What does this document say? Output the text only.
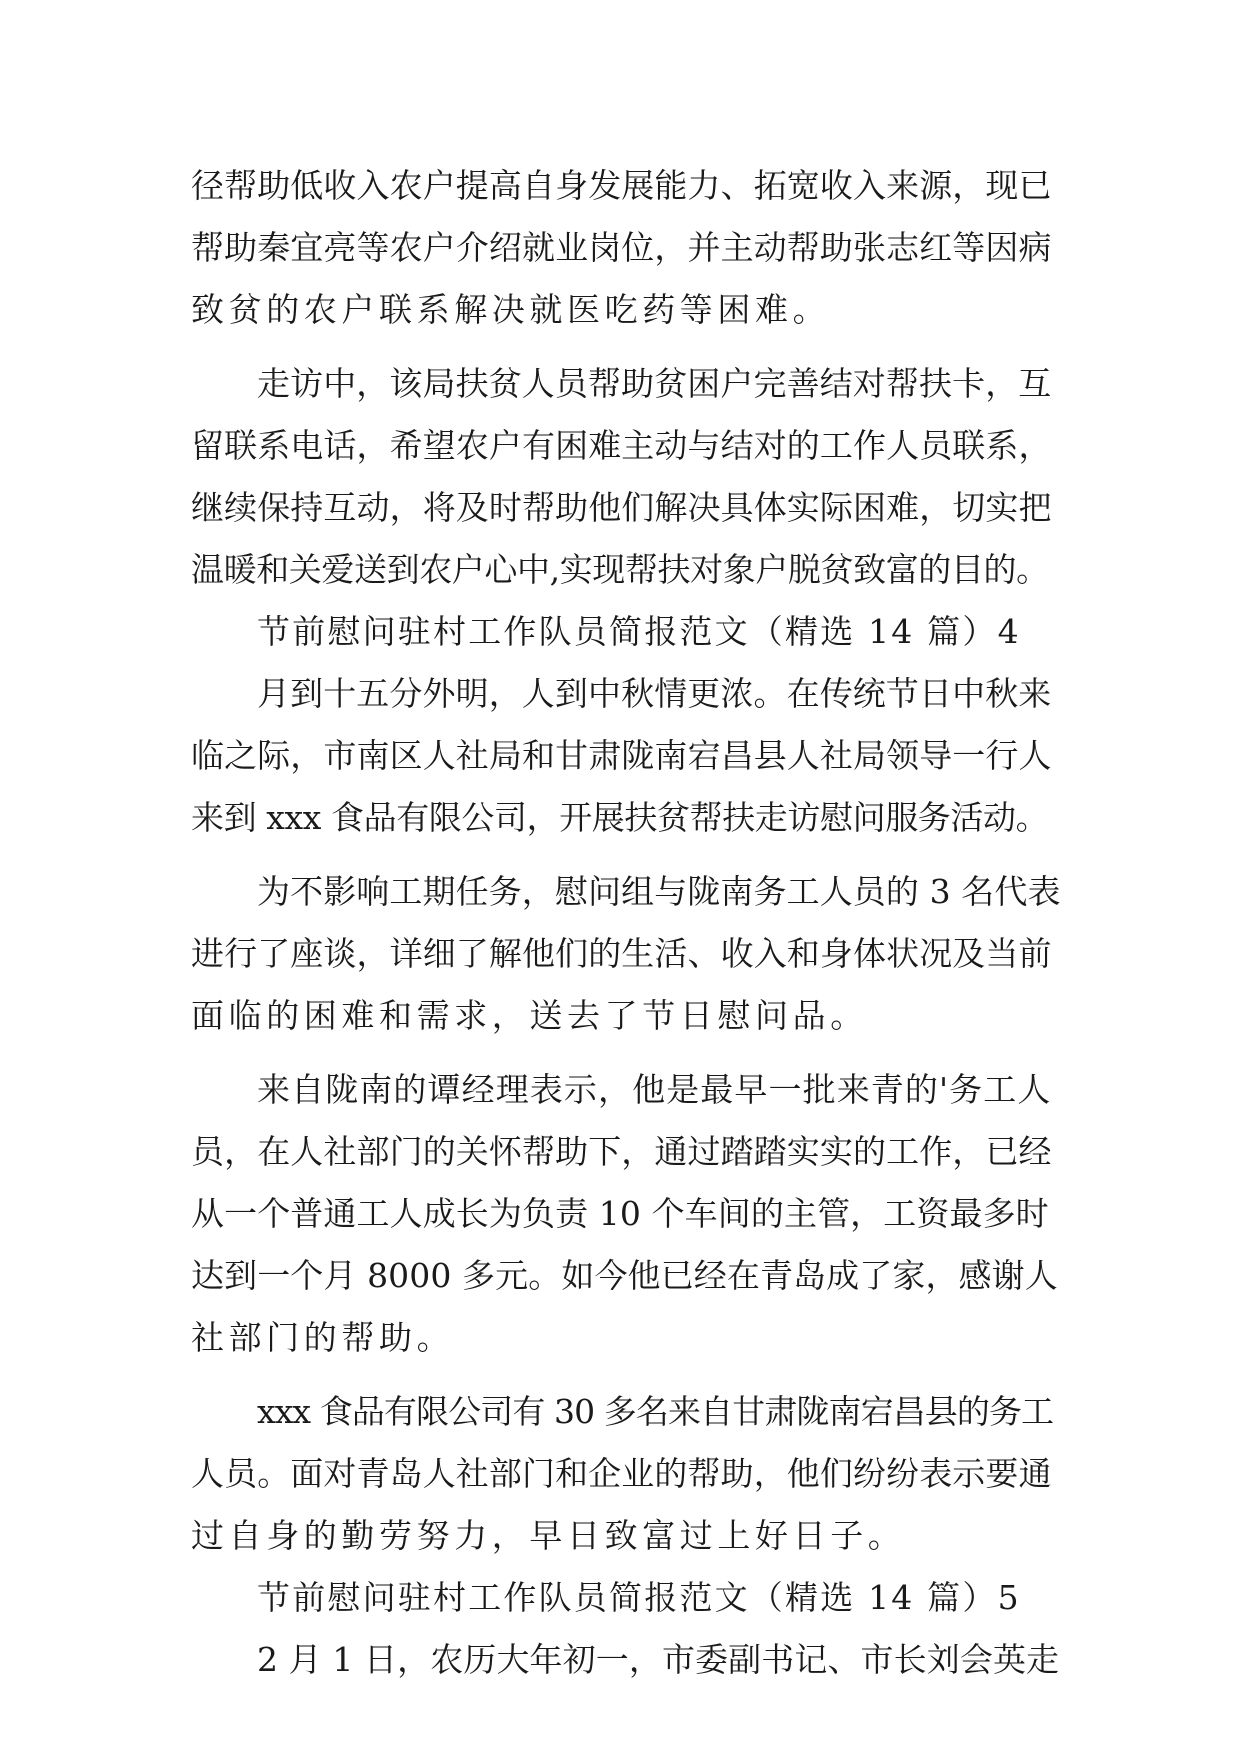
径帮助低收入农户提高自身发展能力、拓宽收入来源，现已
帮助秦宜亮等农户介绍就业岗位，并主动帮助张志红等因病
致贫的农户联系解决就医吃药等困难。
走访中，该局扶贫人员帮助贫困户完善结对帮扶卡，互
留联系电话，希望农户有困难主动与结对的工作人员联系，
继续保持互动，将及时帮助他们解决具体实际困难，切实把
温暖和关爱送到农户心中,实现帮扶对象户脱贫致富的目的。
节前慰问驻村工作队员简报范文（精选 14 篇）4
月到十五分外明，人到中秋情更浓。在传统节日中秋来
临之际，市南区人社局和甘肃陇南宕昌县人社局领导一行人
来到 xxx 食品有限公司，开展扶贫帮扶走访慰问服务活动。
为不影响工期任务，慰问组与陇南务工人员的 3 名代表
进行了座谈，详细了解他们的生活、收入和身体状况及当前
面临的困难和需求，送去了节日慰问品。
来自陇南的谭经理表示，他是最早一批来青的'务工人
员，在人社部门的关怀帮助下，通过踏踏实实的工作，已经
从一个普通工人成长为负责 10 个车间的主管，工资最多时
达到一个月 8000 多元。如今他已经在青岛成了家，感谢人
社部门的帮助。
xxx 食品有限公司有 30 多名来自甘肃陇南宕昌县的务工
人员。面对青岛人社部门和企业的帮助，他们纷纷表示要通
过自身的勤劳努力，早日致富过上好日子。
节前慰问驻村工作队员简报范文（精选 14 篇）5
2 月 1 日，农历大年初一，市委副书记、市长刘会英走
